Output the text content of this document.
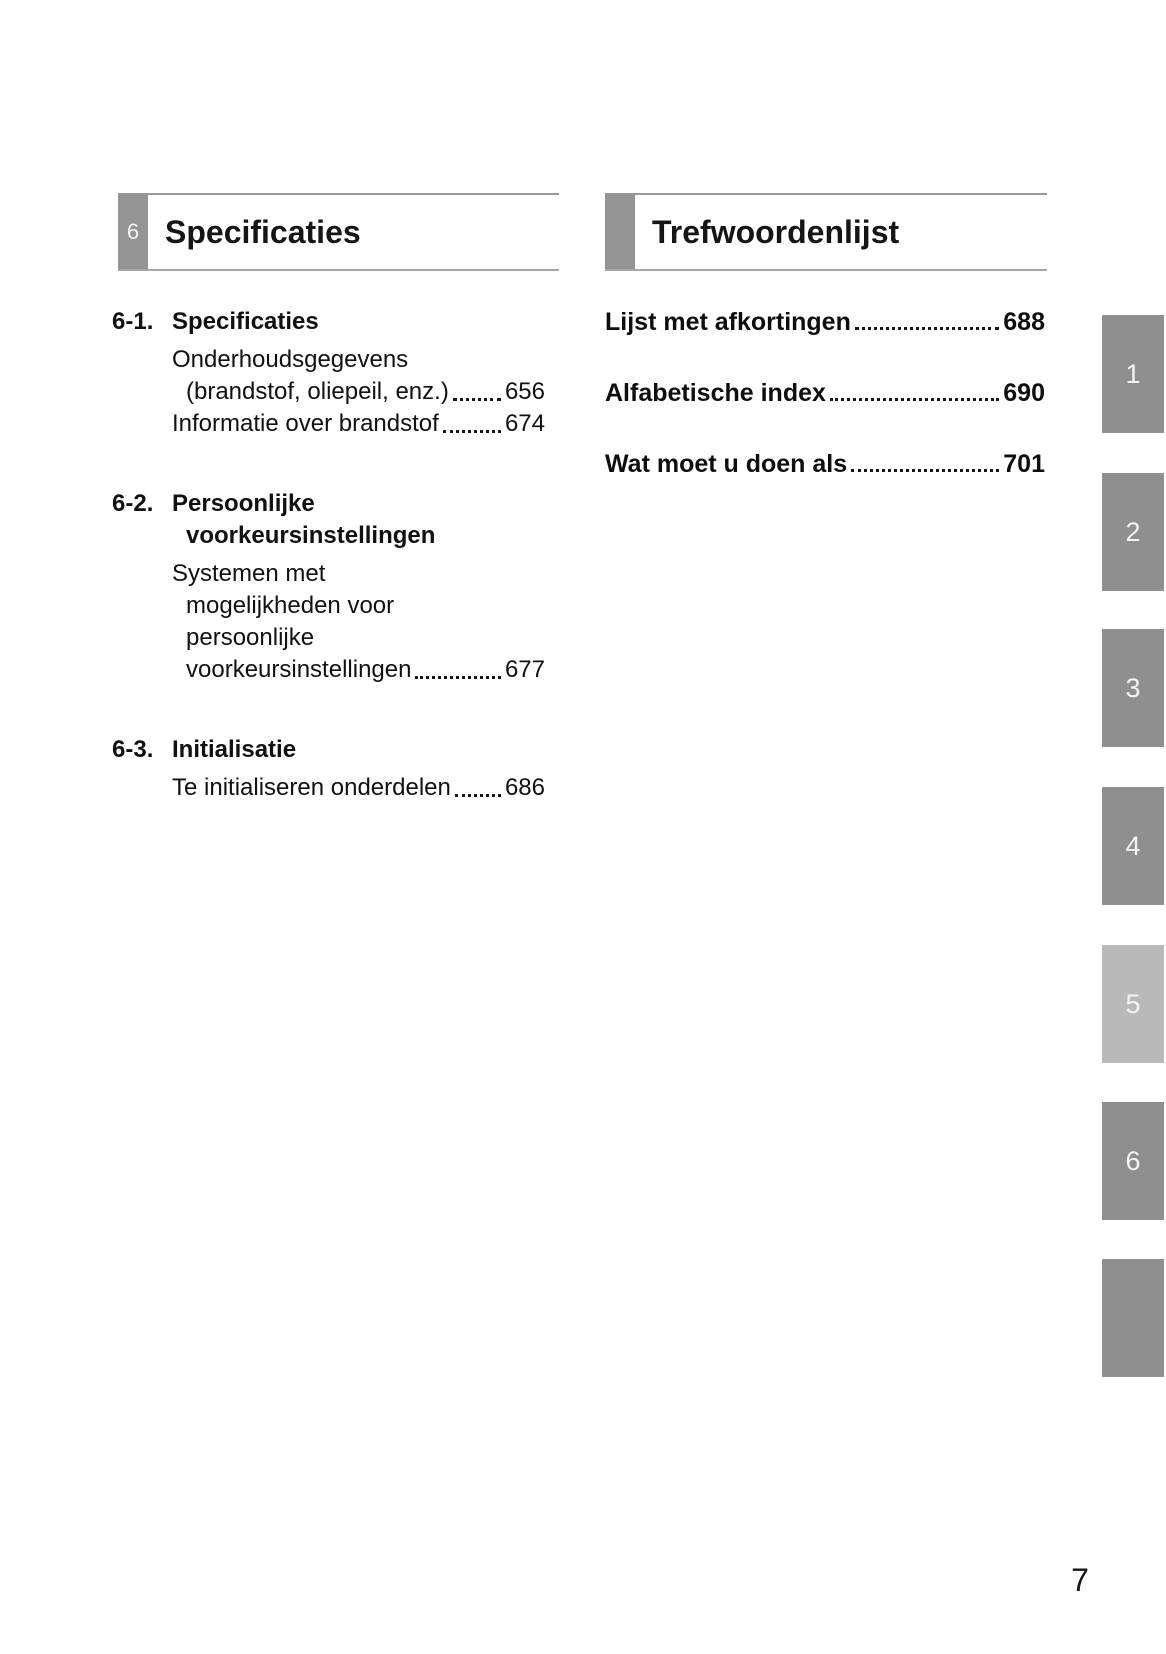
6 Specificaties	Trefwoordenlijst
6-1. Specificaties
Onderhoudsgegevens
(brandstof, oliepeil, enz.) 656
Informatie over brandstof	674
6-2. Persoonlijke
voorkeursinstellingen
Systemen met
mogelijkheden voor
persoonlijke
voorkeursinstellingen	677
6-3. Initialisatie
Te initialiseren onderdelen 686
Lijst met afkortingen	688
Alfabetische index	690
Wat moet u doen als	701
1
2
3
4
5
6
7
